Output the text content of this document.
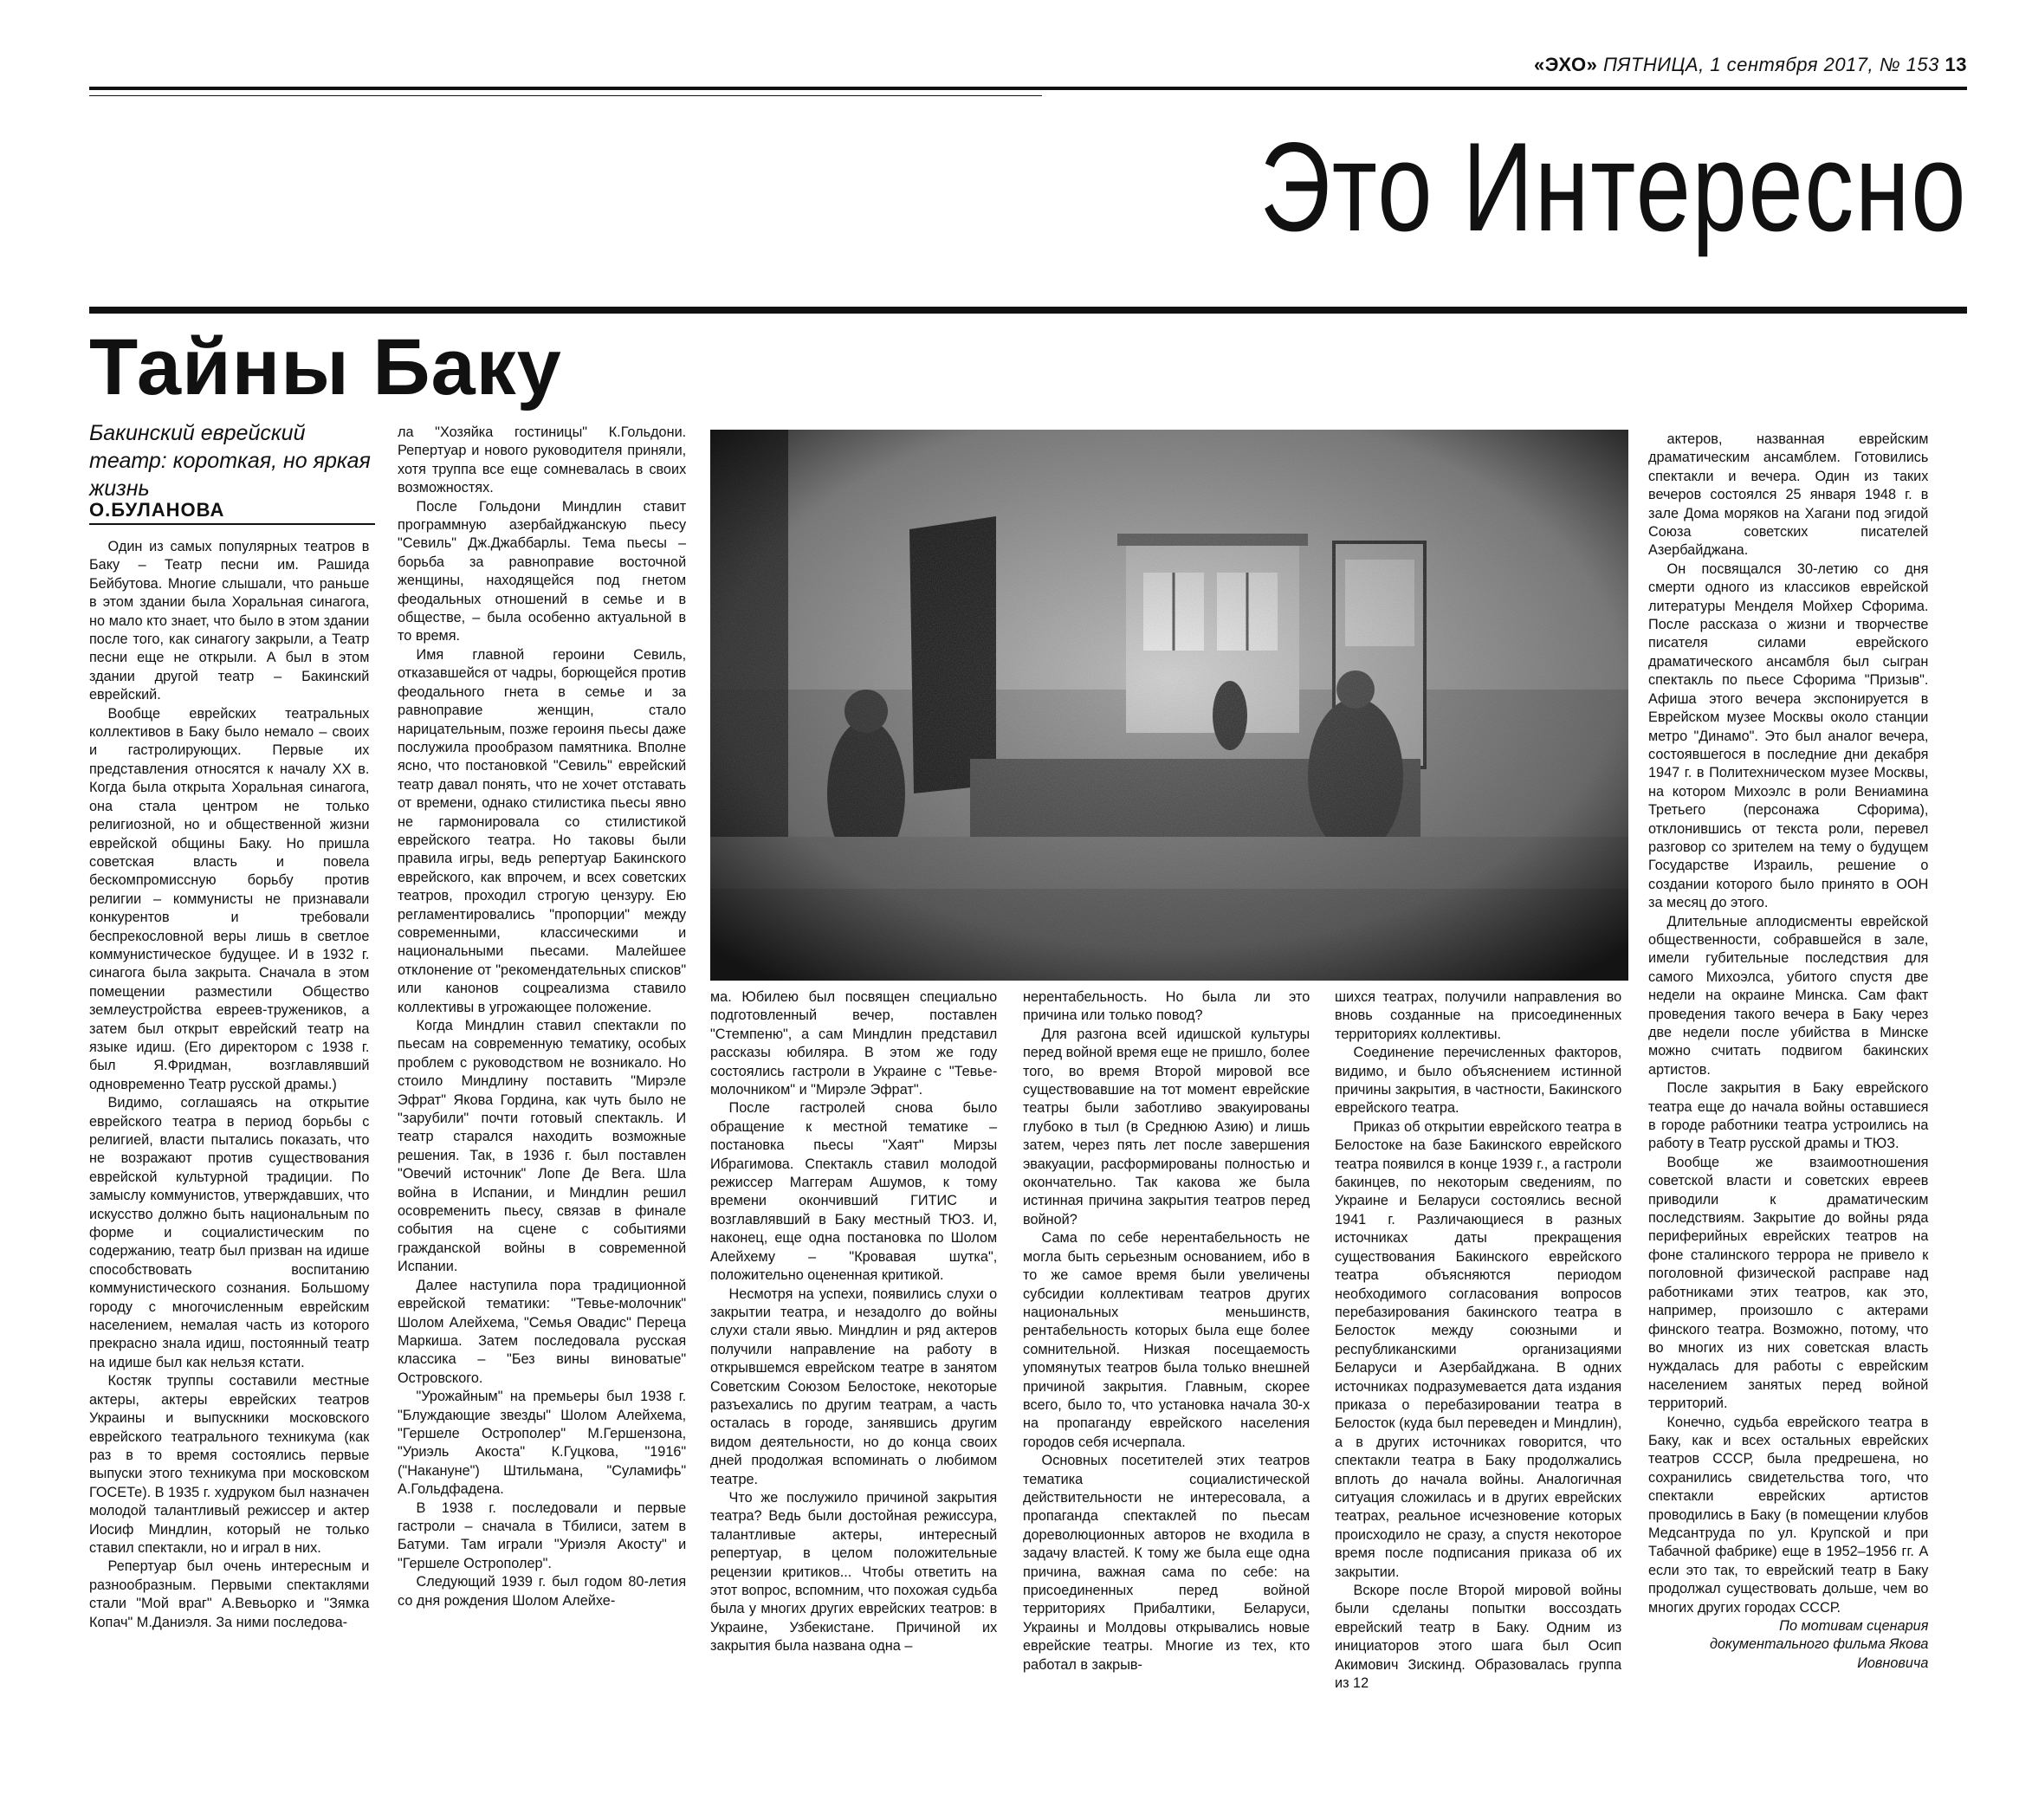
«ЭХО» ПЯТНИЦА, 1 сентября 2017, № 153 13
Это Интересно
Тайны Баку
Бакинский еврейский театр: короткая, но яркая жизнь
О.БУЛАНОВА

Один из самых популярных театров в Баку – Театр песни им. Рашида Бейбутова. Многие слышали, что раньше в этом здании была Хоральная синагога, но мало кто знает, что было в этом здании после того, как синагогу закрыли, а Театр песни еще не открыли. А был в этом здании другой театр – Бакинский еврейский.

Вообще еврейских театральных коллективов в Баку было немало – своих и гастролирующих. Первые их представления относятся к началу XX в. Когда была открыта Хоральная синагога, она стала центром не только религиозной, но и общественной жизни еврейской общины Баку. Но пришла советская власть и повела бескомпромиссную борьбу против религии – коммунисты не признавали конкурентов и требовали беспрекословной веры лишь в светлое коммунистическое будущее. И в 1932 г. синагога была закрыта. Сначала в этом помещении разместили Общество землеустройства евреев-тружеников, а затем был открыт еврейский театр на языке идиш. (Его директором с 1938 г. был Я.Фридман, возглавлявший одновременно Театр русской драмы.)

Видимо, соглашаясь на открытие еврейского театра в период борьбы с религией, власти пытались показать, что не возражают против существования еврейской культурной традиции. По замыслу коммунистов, утверждавших, что искусство должно быть национальным по форме и социалистическим по содержанию, театр был призван на идише способствовать воспитанию коммунистического сознания. Большому городу с многочисленным еврейским населением, немалая часть из которого прекрасно знала идиш, постоянный театр на идише был как нельзя кстати.

Костяк труппы составили местные актеры, актеры еврейских театров Украины и выпускники московского еврейского театрального техникума (как раз в то время состоялись первые выпуски этого техникума при московском ГОСЕТе). В 1935 г. худруком был назначен молодой талантливый режиссер и актер Иосиф Миндлин, который не только ставил спектакли, но и играл в них.

Репертуар был очень интересным и разнообразным. Первыми спектаклями стали "Мой враг" А.Вевьорко и "Зямка Копач" М.Даниэля. За ними последова-

ла "Хозяйка гостиницы" К.Гольдони. Репертуар и нового руководителя приняли, хотя труппа все еще сомневалась в своих возможностях.

После Гольдони Миндлин ставит программную азербайджанскую пьесу "Севиль" Дж.Джаббарлы. Тема пьесы – борьба за равноправие восточной женщины, находящейся под гнетом феодальных отношений в семье и в обществе, – была особенно актуальной в то время.

Имя главной героини Севиль, отказавшейся от чадры, борющейся против феодального гнета в семье и за равноправие женщин, стало нарицательным, позже героиня пьесы даже послужила прообразом памятника. Вполне ясно, что постановкой "Севиль" еврейский театр давал понять, что не хочет отставать от времени, однако стилистика пьесы явно не гармонировала со стилистикой еврейского театра. Но таковы были правила игры, ведь репертуар Бакинского еврейского, как впрочем, и всех советских театров, проходил строгую цензуру. Ею регламентировались "пропорции" между современными, классическими и национальными пьесами. Малейшее отклонение от "рекомендательных списков" или канонов соцреализма ставило коллективы в угрожающее положение.

Когда Миндлин ставил спектакли по пьесам на современную тематику, особых проблем с руководством не возникало. Но стоило Миндлину поставить "Мирэле Эфрат" Якова Гордина, как чуть было не "зарубили" почти готовый спектакль. И театр старался находить возможные решения. Так, в 1936 г. был поставлен "Овечий источник" Лопе Де Вега. Шла война в Испании, и Миндлин решил осовременить пьесу, связав в финале события на сцене с событиями гражданской войны в современной Испании.

Далее наступила пора традиционной еврейской тематики: "Тевье-молочник" Шолом Алейхема, "Семья Овадис" Переца Маркиша. Затем последовала русская классика – "Без вины виноватые" Островского.

"Урожайным" на премьеры был 1938 г. "Блуждающие звезды" Шолом Алейхема, "Гершеле Острополер" М.Гершензона, "Уриэль Акоста" К.Гуцкова, "1916" ("Накануне") Штильмана, "Суламифь" А.Гольдфадена.

В 1938 г. последовали и первые гастроли – сначала в Тбилиси, затем в Батуми. Там играли "Уриэля Акосту" и "Гершеле Острополер".

Следующий 1939 г. был годом 80-летия со дня рождения Шолом Алейхе-

ма. Юбилею был посвящен специально подготовленный вечер, поставлен "Стемпеню", а сам Миндлин представил рассказы юбиляра. В этом же году состоялись гастроли в Украине с "Тевье-молочником" и "Мирэле Эфрат".

После гастролей снова было обращение к местной тематике – постановка пьесы "Хаят" Мирзы Ибрагимова. Спектакль ставил молодой режиссер Маггерам Ашумов, к тому времени окончивший ГИТИС и возглавлявший в Баку местный ТЮЗ. И, наконец, еще одна постановка по Шолом Алейхему – "Кровавая шутка", положительно оцененная критикой.

Несмотря на успехи, появились слухи о закрытии театра, и незадолго до войны слухи стали явью. Миндлин и ряд актеров получили направление на работу в открывшемся еврейском театре в занятом Советским Союзом Белостоке, некоторые разъехались по другим театрам, а часть осталась в городе, занявшись другим видом деятельности, но до конца своих дней продолжая вспоминать о любимом театре.

Что же послужило причиной закрытия театра? Ведь были достойная режиссура, талантливые актеры, интересный репертуар, в целом положительные рецензии критиков... Чтобы ответить на этот вопрос, вспомним, что похожая судьба была у многих других еврейских театров: в Украине, Узбекистане. Причиной их закрытия была названа одна –

нерентабельность. Но была ли это причина или только повод?

Для разгона всей идишской культуры перед войной время еще не пришло, более того, во время Второй мировой все существовавшие на тот момент еврейские театры были заботливо эвакуированы глубоко в тыл (в Среднюю Азию) и лишь затем, через пять лет после завершения эвакуации, расформированы полностью и окончательно. Так какова же была истинная причина закрытия театров перед войной?

Сама по себе нерентабельность не могла быть серьезным основанием, ибо в то же самое время были увеличены субсидии коллективам театров других национальных меньшинств, рентабельность которых была еще более сомнительной. Низкая посещаемость упомянутых театров была только внешней причиной закрытия. Главным, скорее всего, было то, что установка начала 30-х на пропаганду еврейского населения городов себя исчерпала.

Основных посетителей этих театров тематика социалистической действительности не интересовала, а пропаганда спектаклей по пьесам дореволюционных авторов не входила в задачу властей. К тому же была еще одна причина, важная сама по себе: на присоединенных перед войной территориях Прибалтики, Беларуси, Украины и Молдовы открывались новые еврейские театры. Многие из тех, кто работал в закрыв-

шихся театрах, получили направления во вновь созданные на присоединенных территориях коллективы.

Соединение перечисленных факторов, видимо, и было объяснением истинной причины закрытия, в частности, Бакинского еврейского театра.

Приказ об открытии еврейского театра в Белостоке на базе Бакинского еврейского театра появился в конце 1939 г., а гастроли бакинцев, по некоторым сведениям, по Украине и Беларуси состоялись весной 1941 г. Различающиеся в разных источниках даты прекращения существования Бакинского еврейского театра объясняются периодом необходимого согласования вопросов перебазирования бакинского театра в Белосток между союзными и республиканскими организациями Беларуси и Азербайджана. В одних источниках подразумевается дата издания приказа о перебазировании театра в Белосток (куда был переведен и Миндлин), а в других источниках говорится, что спектакли театра в Баку продолжались вплоть до начала войны. Аналогичная ситуация сложилась и в других еврейских театрах, реальное исчезновение которых происходило не сразу, а спустя некоторое время после подписания приказа об их закрытии.

Вскоре после Второй мировой войны были сделаны попытки воссоздать еврейский театр в Баку. Одним из инициаторов этого шага был Осип Акимович Зискинд. Образовалась группа из 12

актеров, названная еврейским драматическим ансамблем. Готовились спектакли и вечера. Один из таких вечеров состоялся 25 января 1948 г. в зале Дома моряков на Хагани под эгидой Союза советских писателей Азербайджана.

Он посвящался 30-летию со дня смерти одного из классиков еврейской литературы Менделя Мойхер Сфорима. После рассказа о жизни и творчестве писателя силами еврейского драматического ансамбля был сыгран спектакль по пьесе Сфорима "Призыв". Афиша этого вечера экспонируется в Еврейском музее Москвы около станции метро "Динамо". Это был аналог вечера, состоявшегося в последние дни декабря 1947 г. в Политехническом музее Москвы, на котором Михоэлс в роли Вениамина Третьего (персонажа Сфорима), отклонившись от текста роли, перевел разговор со зрителем на тему о будущем Государстве Израиль, решение о создании которого было принято в ООН за месяц до этого.

Длительные аплодисменты еврейской общественности, собравшейся в зале, имели губительные последствия для самого Михоэлса, убитого спустя две недели на окраине Минска. Сам факт проведения такого вечера в Баку через две недели после убийства в Минске можно считать подвигом бакинских артистов.

После закрытия в Баку еврейского театра еще до начала войны оставшиеся в городе работники театра устроились на работу в Театр русской драмы и ТЮЗ.

Вообще же взаимоотношения советской власти и советских евреев приводили к драматическим последствиям. Закрытие до войны ряда периферийных еврейских театров на фоне сталинского террора не привело к поголовной физической расправе над работниками этих театров, как это, например, произошло с актерами финского театра. Возможно, потому, что во многих из них советская власть нуждалась для работы с еврейским населением занятых перед войной территорий.

Конечно, судьба еврейского театра в Баку, как и всех остальных еврейских театров СССР, была предрешена, но сохранились свидетельства того, что спектакли еврейских артистов проводились в Баку (в помещении клубов Медсантруда по ул. Крупской и при Табачной фабрике) еще в 1952–1956 гг. А если это так, то еврейский театр в Баку продолжал существовать дольше, чем во многих других городах СССР.

По мотивам сценария документального фильма Якова Иовновича
